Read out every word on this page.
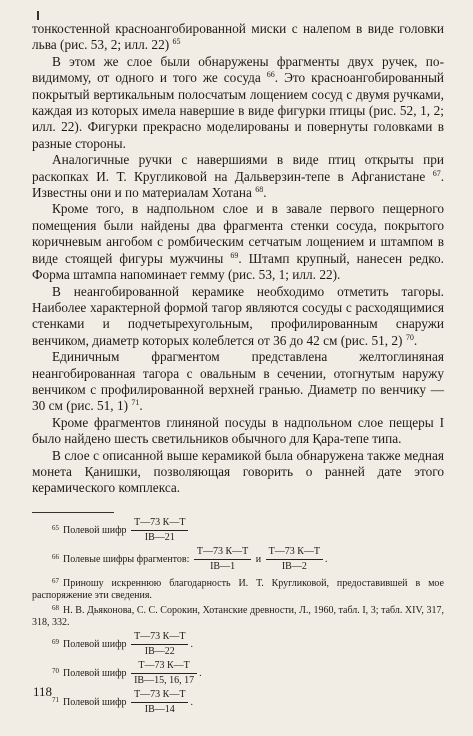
тонкостенной красноангобированной миски с налепом в виде головки льва (рис. 53, 2; илл. 22) $^{65}$

В этом же слое были обнаружены фрагменты двух ручек, по-видимому, от одного и того же сосуда $^{66}$. Это красноангобированный покрытый вертикальным полосчатым лощением сосуд с двумя ручками, каждая из которых имела навершие в виде фигурки птицы (рис. 52, 1, 2; илл. 22). Фигурки прекрасно моделированы и повернуты головками в разные стороны.

Аналогичные ручки с навершиями в виде птиц открыты при раскопках И. Т. Кругликовой на Дальверзин-тепе в Афганистане $^{67}$. Известны они и по материалам Хотана $^{68}$.

Кроме того, в надпольном слое и в завале первого пещерного помещения были найдены два фрагмента стенки сосуда, покрытого коричневым ангобом с ромбическим сетчатым лощением и штампом в виде стоящей фигуры мужчины $^{69}$. Штамп крупный, нанесен редко. Форма штампа напоминает гемму (рис. 53, 1; илл. 22).

В неангобированной керамике необходимо отметить тагоры. Наиболее характерной формой тагор являются сосуды с расходящимися стенками и подчетырехугольным, профилированным снаружи венчиком, диаметр которых колеблется от 36 до 42 см (рис. 51, 2) $^{70}$.

Единичным фрагментом представлена желтоглиняная неангобированная тагора с овальным в сечении, отогнутым наружу венчиком с профилированной верхней гранью. Диаметр по венчику — 30 см (рис. 51, 1) $^{71}$.

Кроме фрагментов глиняной посуды в надпольном слое пещеры I было найдено шесть светильников обычного для Қара-тепе типа.

В слое с описанной выше керамикой была обнаружена также медная монета Қанишки, позволяющая говорить о ранней дате этого керамического комплекса.

$^{65}$ Полевой шифр $\frac{Т—73 К—Т}{IB—21}$
$^{66}$ Полевые шифры фрагментов: $\frac{Т—73 К—Т}{IB—1}$ и $\frac{Т—73 К—Т}{IB—2}$ .
$^{67}$ Приношу искреннюю благодарность И. Т. Кругликовой, предоставившей в мое распоряжение эти сведения.
$^{68}$ Н. В. Дьяконова, С. С. Сорокин, Хотанские древности, Л., 1960, табл. I, 3; табл. XIV, 317, 318, 332.
$^{69}$ Полевой шифр $\frac{Т—73 К—Т}{IB—22}$ .
$^{70}$ Полевой шифр $\frac{Т—73 К—Т}{IB—15, 16, 17}$ .
$^{71}$ Полевой шифр $\frac{Т—73 К—Т}{IB—14}$ .
118
